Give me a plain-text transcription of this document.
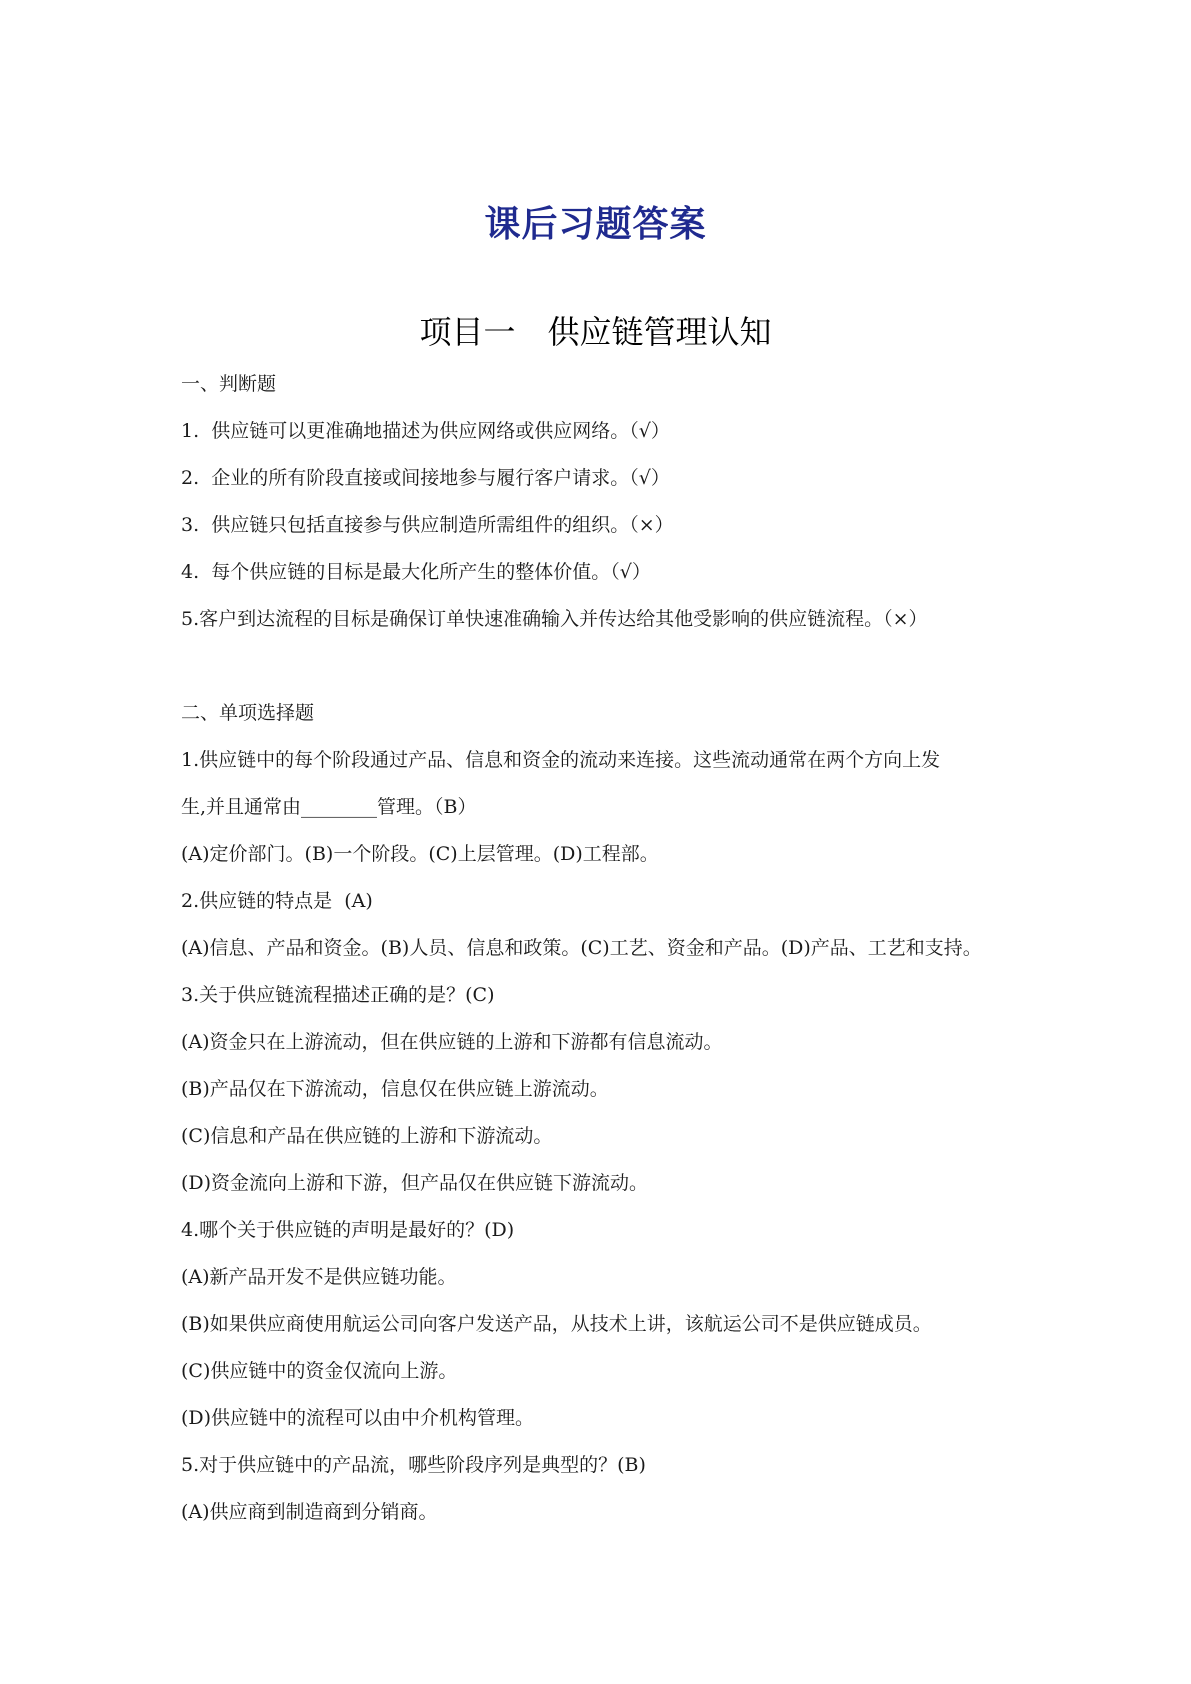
课后习题答案
项目一　供应链管理认知
一、判断题
1.  供应链可以更准确地描述为供应网络或供应网络。（√）
2.  企业的所有阶段直接或间接地参与履行客户请求。（√）
3.  供应链只包括直接参与供应制造所需组件的组织。（×）
4.  每个供应链的目标是最大化所产生的整体价值。（√）
5.客户到达流程的目标是确保订单快速准确输入并传达给其他受影响的供应链流程。（×）
二、单项选择题
1.供应链中的每个阶段通过产品、信息和资金的流动来连接。这些流动通常在两个方向上发
生,并且通常由________管理。（B）
(A)定价部门。(B)一个阶段。(C)上层管理。(D)工程部。
2.供应链的特点是  (A)
(A)信息、产品和资金。(B)人员、信息和政策。(C)工艺、资金和产品。(D)产品、工艺和支持。
3.关于供应链流程描述正确的是？(C)
(A)资金只在上游流动，但在供应链的上游和下游都有信息流动。
(B)产品仅在下游流动，信息仅在供应链上游流动。
(C)信息和产品在供应链的上游和下游流动。
(D)资金流向上游和下游，但产品仅在供应链下游流动。
4.哪个关于供应链的声明是最好的？(D)
(A)新产品开发不是供应链功能。
(B)如果供应商使用航运公司向客户发送产品，从技术上讲，该航运公司不是供应链成员。
(C)供应链中的资金仅流向上游。
(D)供应链中的流程可以由中介机构管理。
5.对于供应链中的产品流，哪些阶段序列是典型的？(B)
(A)供应商到制造商到分销商。
